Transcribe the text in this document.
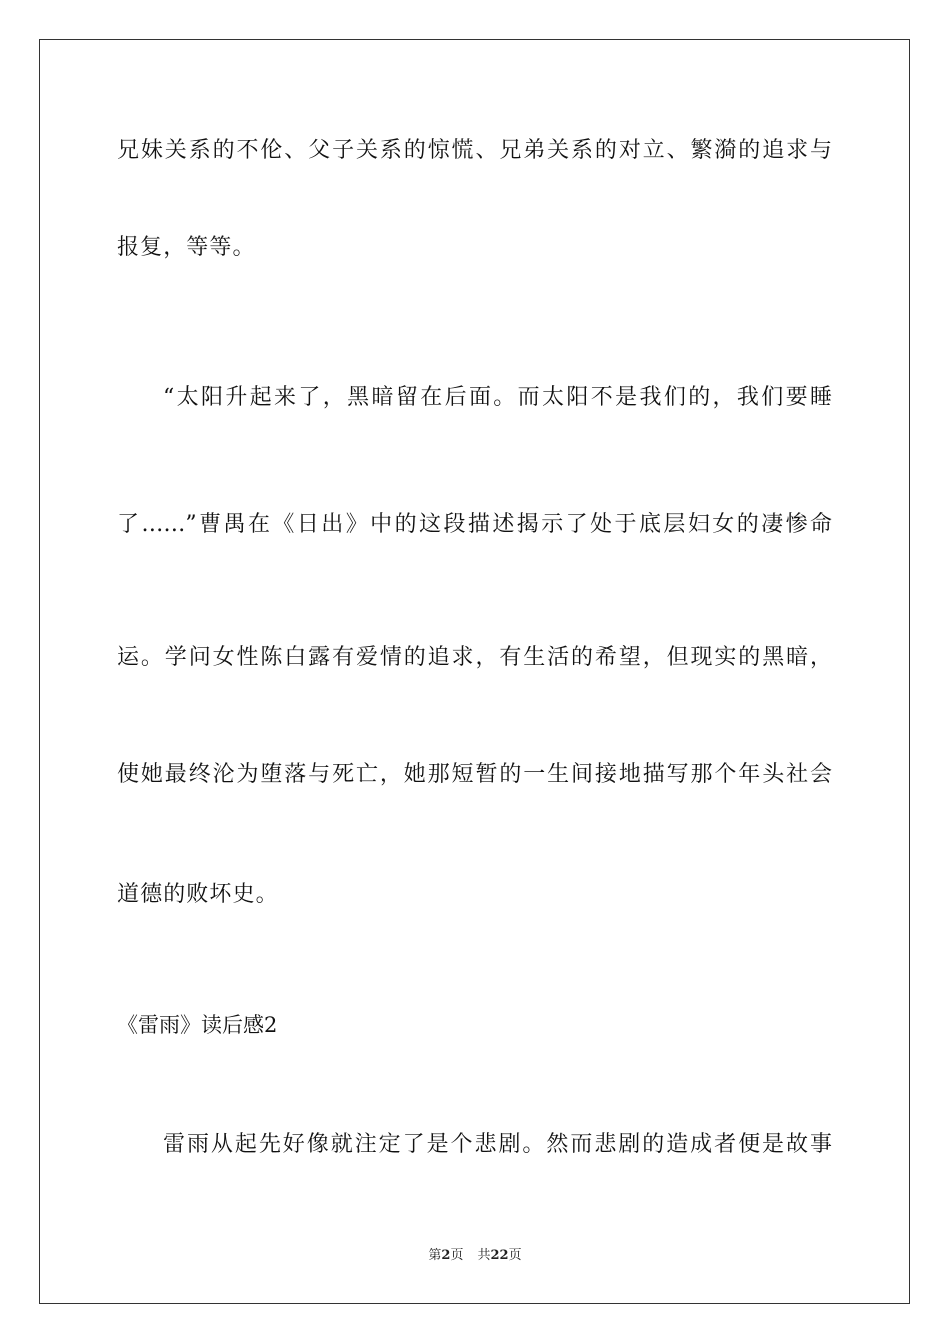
兄妹关系的不伦、父子关系的惊慌、兄弟关系的对立、繁漪的追求与
报复，等等。
“太阳升起来了，黑暗留在后面。而太阳不是我们的，我们要睡
了……”曹禺在《日出》中的这段描述揭示了处于底层妇女的凄惨命
运。学问女性陈白露有爱情的追求，有生活的希望，但现实的黑暗，
使她最终沦为堕落与死亡，她那短暂的一生间接地描写那个年头社会
道德的败坏史。
《雷雨》读后感2
雷雨从起先好像就注定了是个悲剧。然而悲剧的造成者便是故事
第2页 共22页
